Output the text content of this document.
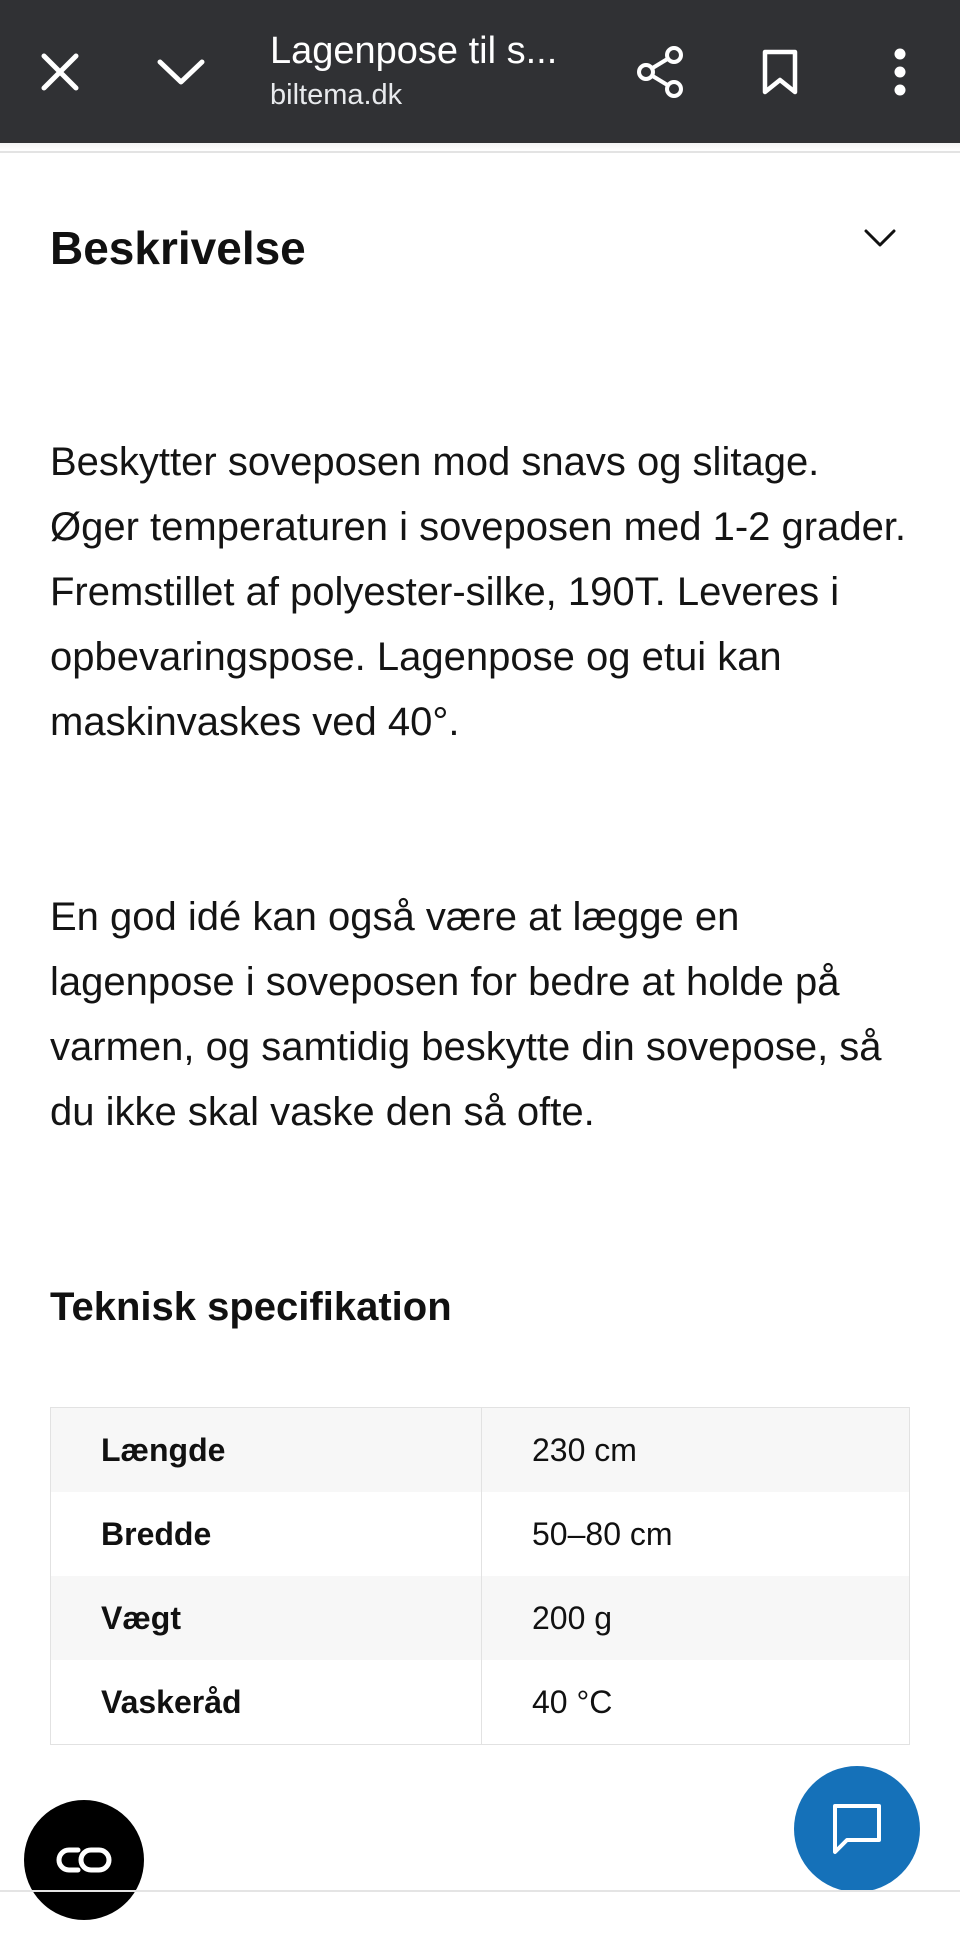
Lagenpose til s...
biltema.dk
Beskrivelse

Beskytter soveposen mod snavs og slitage. Øger temperaturen i soveposen med 1-2 grader. Fremstillet af polyester-silke, 190T. Leveres i opbevaringspose. Lagenpose og etui kan maskinvaskes ved 40°.

En god idé kan også være at lægge en lagenpose i soveposen for bedre at holde på varmen, og samtidig beskytte din sovepose, så du ikke skal vaske den så ofte.

Teknisk specifikation
Længde	230 cm
Bredde	50–80 cm
Vægt	200 g
Vaskeråd	40 °C
